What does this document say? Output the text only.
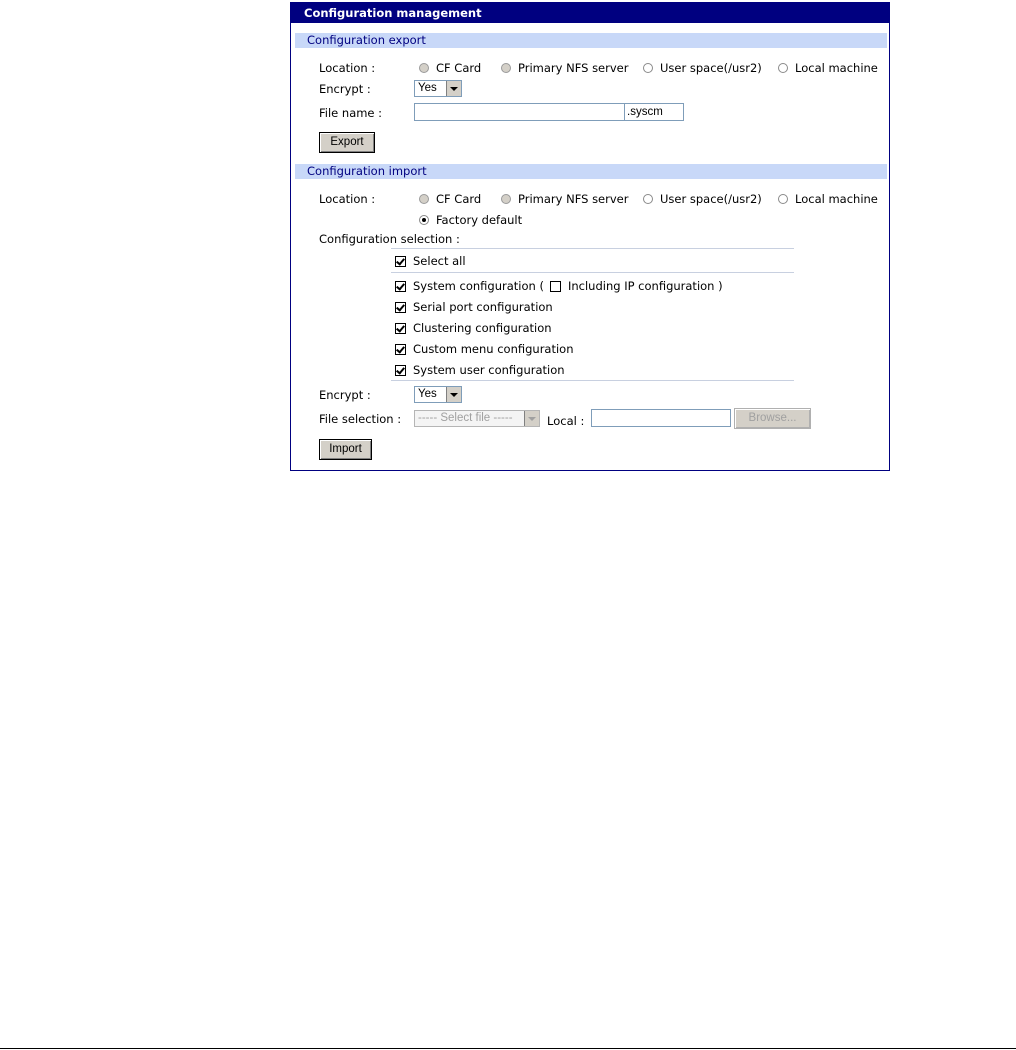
Configuration management
Configuration export
Location :	CF Card	Primary NFS server	User space(/usr2)	Local machine
Encrypt :	Yes
File name :	.syscm
Export
Configuration import
Location :	CF Card	Primary NFS server	User space(/usr2)	Local machine
Factory default
Configuration selection :
Select all
System configuration ( Including IP configuration )
Serial port configuration
Clustering configuration
Custom menu configuration
System user configuration
Encrypt :	Yes
File selection : ----- Select file -----	Local :	Browse...
Import
